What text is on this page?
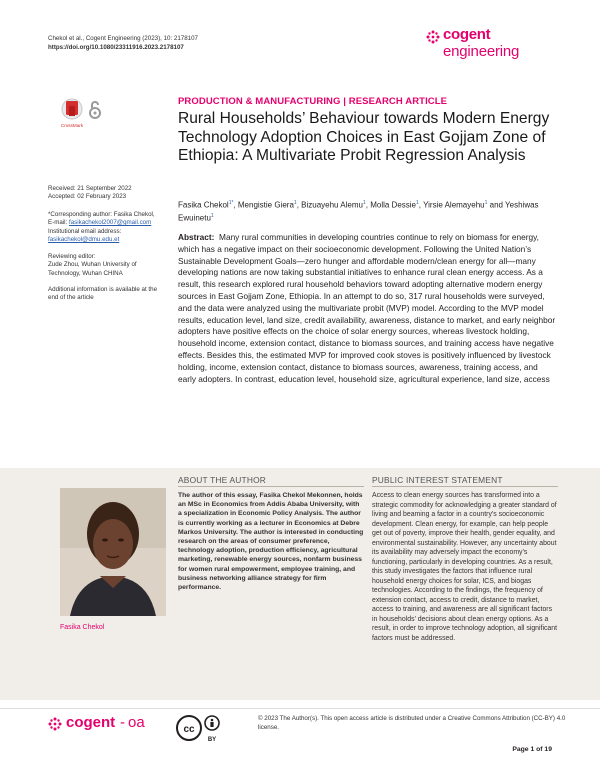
Chekol et al., Cogent Engineering (2023), 10: 2178107
https://doi.org/10.1080/23311916.2023.2178107
cogent
engineering
CrossMark
Received: 21 September 2022
Accepted: 02 February 2023
*Corresponding author: Fasika Chekol,
E-mail: fasikachekol2007@gmail.com
Institutional email address:
fasikachekol@dmu.edu.et
Reviewing editor:
Zude Zhou, Wuhan University of Technology, Wuhan CHINA
Additional information is available at the end of the article
PRODUCTION & MANUFACTURING | RESEARCH ARTICLE
Rural Households’ Behaviour towards Modern Energy Technology Adoption Choices in East Gojjam Zone of Ethiopia: A Multivariate Probit Regression Analysis
Fasika Chekol$^{1*}$, Mengistie Giera$^1$, Bizuayehu Alemu$^1$, Molla Dessie$^1$, Yirsie Alemayehu$^1$ and Yeshiwas Ewuinetu$^1$
Abstract: Many rural communities in developing countries continue to rely on biomass for energy, which has a negative impact on their socioeconomic development. Following the United Nation’s Sustainable Development Goals—zero hunger and affordable modern/clean energy for all—many developing nations are now taking substantial initiatives to enhance rural clean energy access. As a result, this research explored rural household behaviors toward adopting alternative modern energy sources in East Gojjam Zone, Ethiopia. In an attempt to do so, 317 rural households were surveyed, and the data were analyzed using the multivariate probit (MVP) model. According to the MVP model results, education level, land size, credit availability, awareness, distance to market, and early neighbor adopters have positive effects on the choice of solar energy sources, whereas livestock holding, household income, extension contact, distance to biomass sources, and training access have negative effects. Besides this, the estimated MVP for improved cook stoves is positively influenced by livestock holding, income, extension contact, distance to biomass sources, awareness, training access, and early adopters. In contrast, education level, household size, agricultural experience, land size, access
ABOUT THE AUTHOR	PUBLIC INTEREST STATEMENT
Fasika Chekol
The author of this essay, Fasika Chekol Mekonnen, holds an MSc in Economics from Addis Ababa University, with a specialization in Economic Policy Analysis. The author is currently working as a lecturer in Economics at Debre Markos University. The author is interested in conducting research on the areas of consumer preference, technology adoption, production efficiency, agricultural marketing, renewable energy sources, nonfarm business for women rural empowerment, employee training, and business networking alliance strategy for firm performance.
Access to clean energy sources has transformed into a strategic commodity for acknowledging a greater standard of living and beaming a factor in a country’s socioeconomic development. Clean energy, for example, can help people get out of poverty, improve their health, gender equality, and environmental sustainability. However, any uncertainty about its availability may adversely impact the economy’s functioning, particularly in developing countries. As a result, this study investigates the factors that influence rural household energy choices for solar, ICS, and biogas technologies. According to the findings, the frequency of extension contact, access to credit, distance to market, access to training, and awareness are all significant factors in households’ decisions about clean energy options. As a result, in order to improve technology adoption, all significant factors must be addressed.
cogent - oa	cc
BY
© 2023 The Author(s). This open access article is distributed under a Creative Commons Attribution (CC-BY) 4.0 license.
Page 1 of 19
